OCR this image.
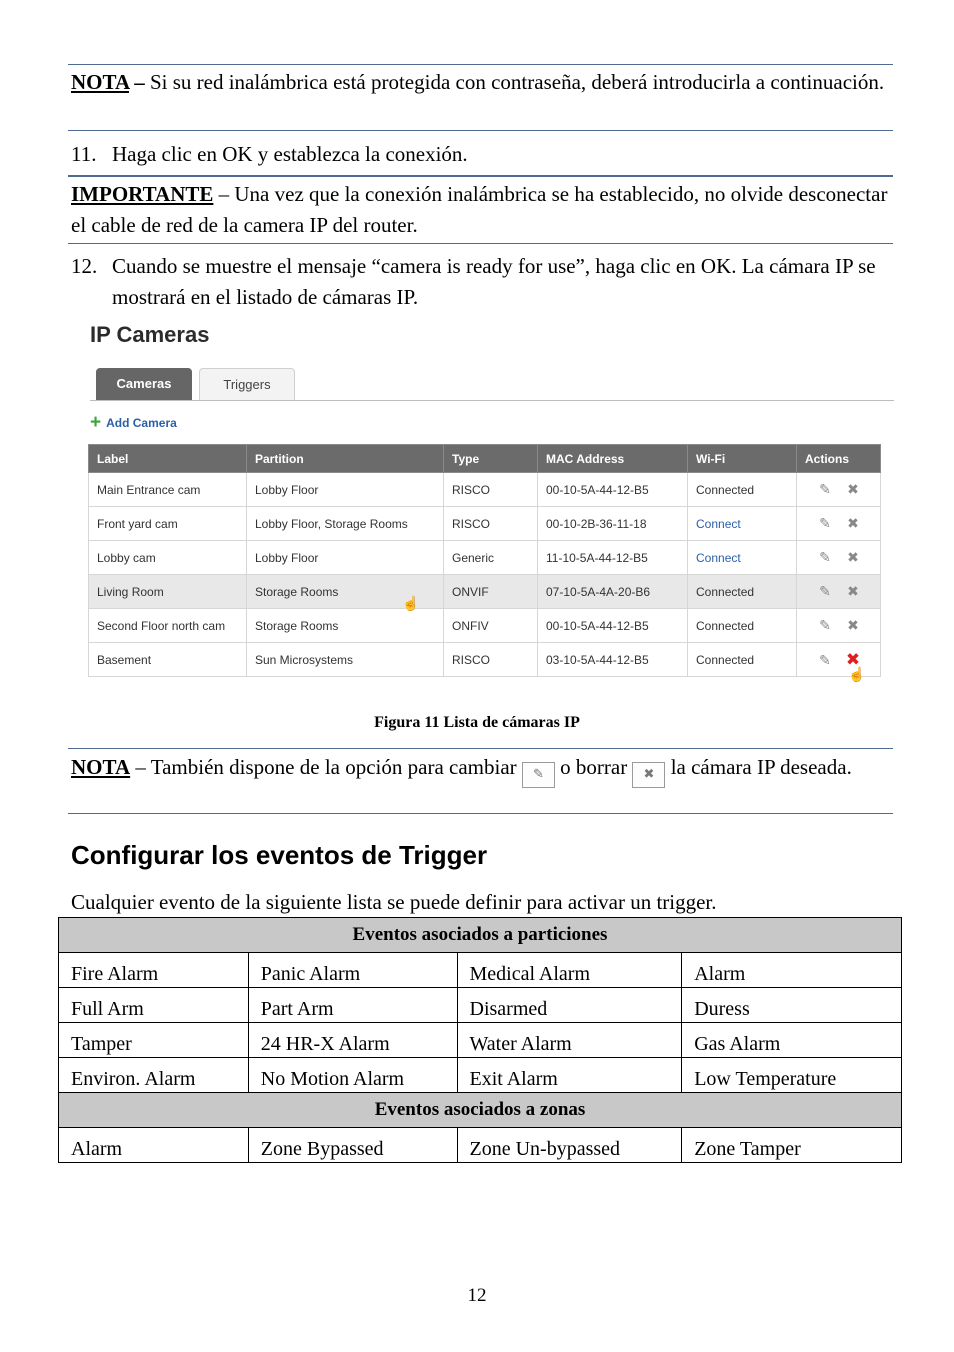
NOTA – Si su red inalámbrica está protegida con contraseña, deberá introducirla a continuación.
11. Haga clic en OK y establezca la conexión.
IMPORTANTE – Una vez que la conexión inalámbrica se ha establecido, no olvide desconectar el cable de red de la camera IP del router.
12. Cuando se muestre el mensaje “camera is ready for use”, haga clic en OK. La cámara IP se mostrará en el listado de cámaras IP.
IP Cameras
Cameras	Triggers
+ Add Camera
Label	Partition	Type	MAC Address	Wi-Fi	Actions
Main Entrance cam	Lobby Floor	RISCO	00-10-5A-44-12-B5	Connected	✎ ✖
Front yard cam	Lobby Floor, Storage Rooms	RISCO	00-10-2B-36-11-18	Connect	✎ ✖
Lobby cam	Lobby Floor	Generic	11-10-5A-44-12-B5	Connect	✎ ✖
Living Room	Storage Rooms	ONVIF	07-10-5A-4A-20-B6	Connected	✎ ✖
Second Floor north cam	Storage Rooms	ONFIV	00-10-5A-44-12-B5	Connected	✎ ✖
Basement	Sun Microsystems	RISCO	03-10-5A-44-12-B5	Connected	✎ ✖
☝
☝
Figura 11 Lista de cámaras IP
NOTA – También dispone de la opción para cambiar ✎ o borrar ✖ la cámara IP deseada.
Configurar los eventos de Trigger
Cualquier evento de la siguiente lista se puede definir para activar un trigger.
Eventos asociados a particiones			
Fire Alarm	Panic Alarm	Medical Alarm	Alarm
Full Arm	Part Arm	Disarmed	Duress
Tamper	24 HR-X Alarm	Water Alarm	Gas Alarm
Environ. Alarm	No Motion Alarm	Exit Alarm	Low Temperature
Eventos asociados a zonas			
Alarm	Zone Bypassed	Zone Un-bypassed	Zone Tamper
12
